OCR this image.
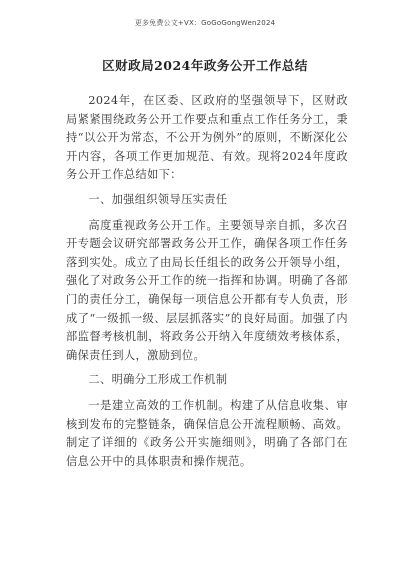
更多免费公文+VX：GoGoGongWen2024
区财政局2024年政务公开工作总结

2024年，在区委、区政府的坚强领导下，区财政局紧紧围绕政务公开工作要点和重点工作任务分工，秉持“以公开为常态，不公开为例外”的原则，不断深化公开内容，各项工作更加规范、有效。现将2024年度政务公开工作总结如下：

一、加强组织领导压实责任

高度重视政务公开工作。主要领导亲自抓，多次召开专题会议研究部署政务公开工作，确保各项工作任务落到实处。成立了由局长任组长的政务公开领导小组，强化了对政务公开工作的统一指挥和协调。明确了各部门的责任分工，确保每一项信息公开都有专人负责，形成了“一级抓一级、层层抓落实”的良好局面。加强了内部监督考核机制，将政务公开纳入年度绩效考核体系，确保责任到人，激励到位。

二、明确分工形成工作机制

一是建立高效的工作机制。构建了从信息收集、审核到发布的完整链条，确保信息公开流程顺畅、高效。制定了详细的《政务公开实施细则》，明确了各部门在信息公开中的具体职责和操作规范。
